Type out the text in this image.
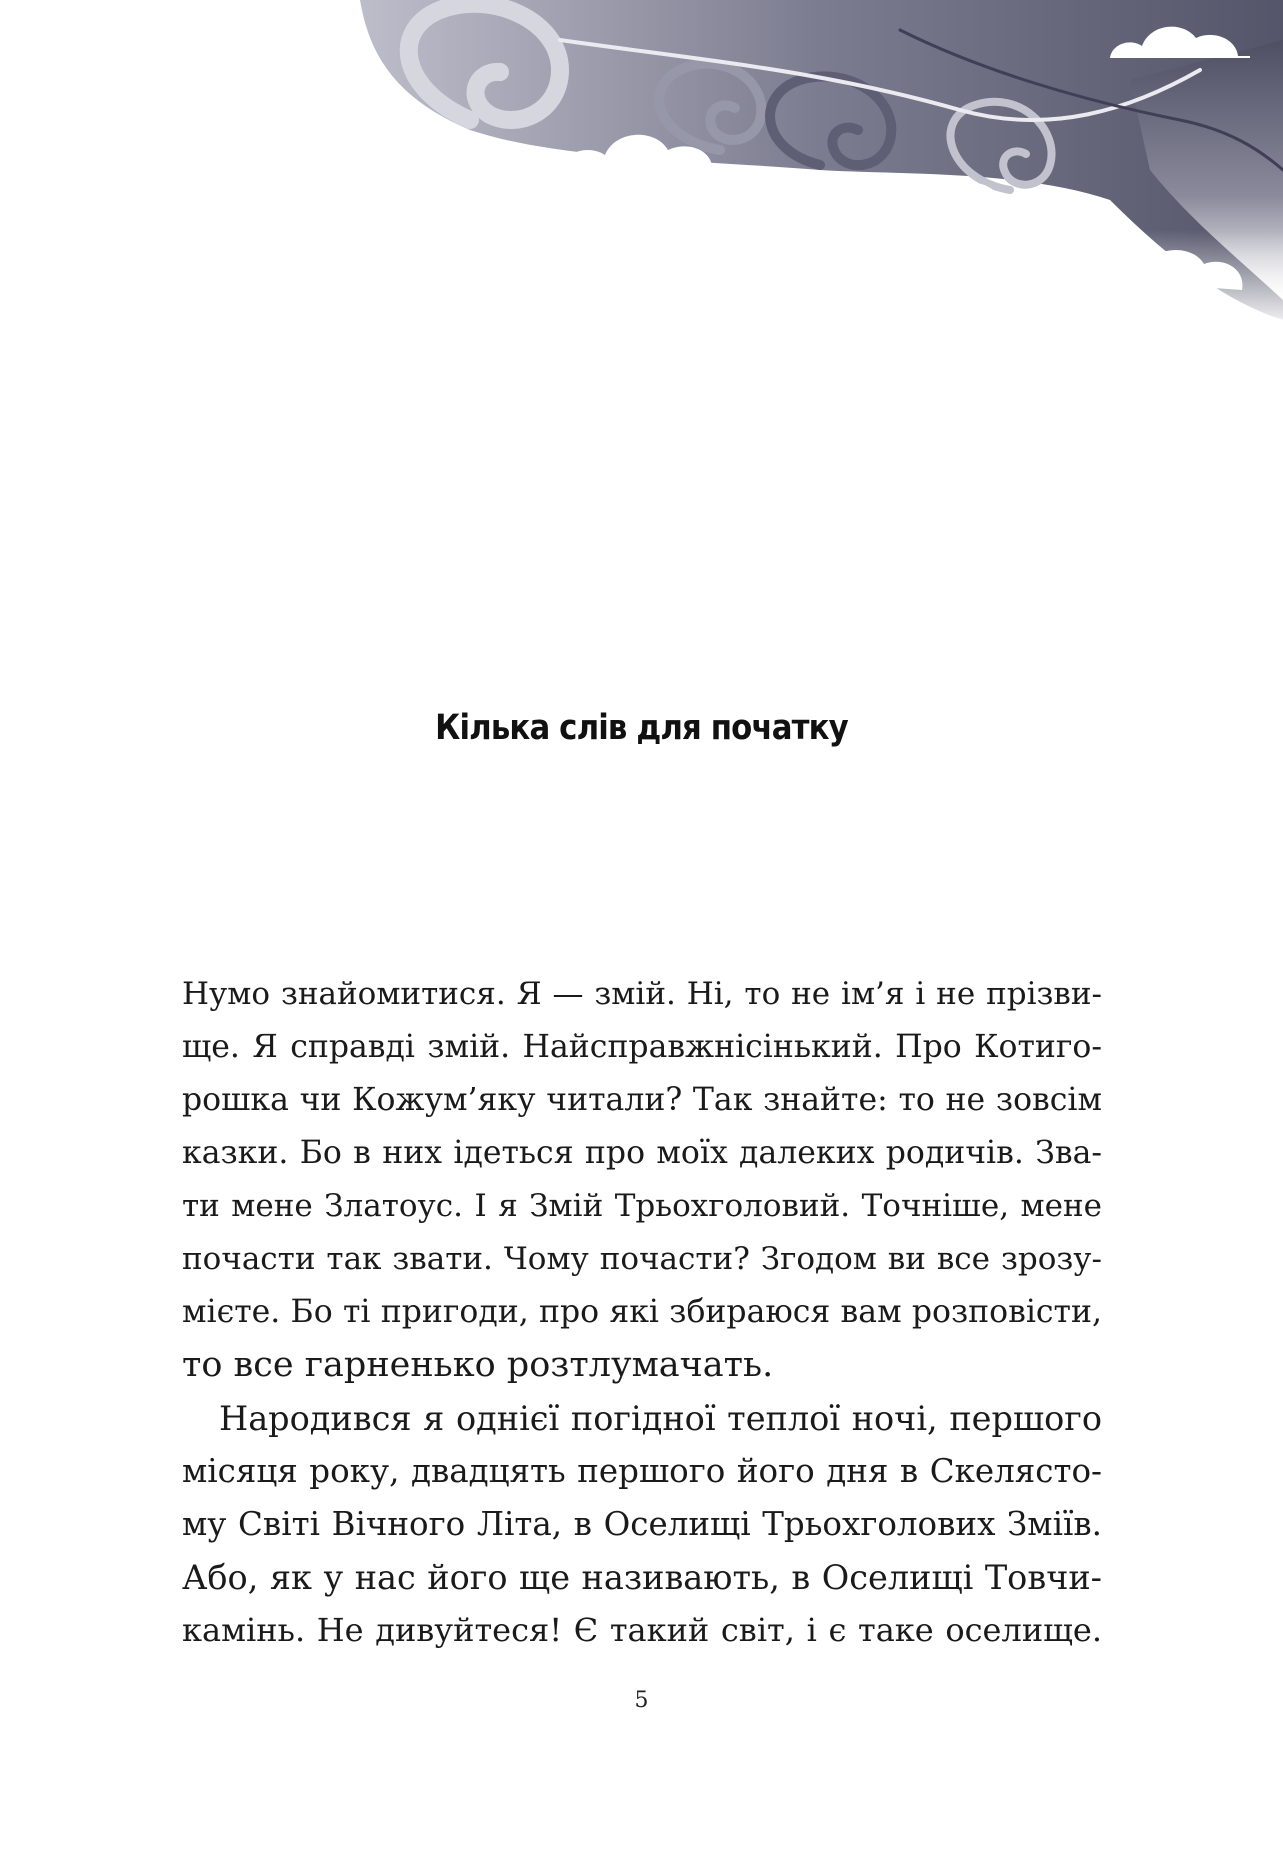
Кілька слів для початку
Нумо знайомитися. Я — змій. Ні, то не ім’я і не прізви-
ще. Я справді змій. Найсправжнісінький. Про Котиго-
рошка чи Кожум’яку читали? Так знайте: то не зовсім
казки. Бо в них ідеться про моїх далеких родичів. Зва-
ти мене Златоус. І я Змій Трьохголовий. Точніше, мене
почасти так звати. Чому почасти? Згодом ви все зрозу-
мієте. Бо ті пригоди, про які збираюся вам розповісти,
то все гарненько розтлумачать.
Народився я однієї погідної теплої ночі, першого
місяця року, двадцять першого його дня в Скелясто-
му Світі Вічного Літа, в Оселищі Трьохголових Зміїв.
Або, як у нас його ще називають, в Оселищі Товчи-
камінь. Не дивуйтеся! Є такий світ, і є таке оселище.
5
